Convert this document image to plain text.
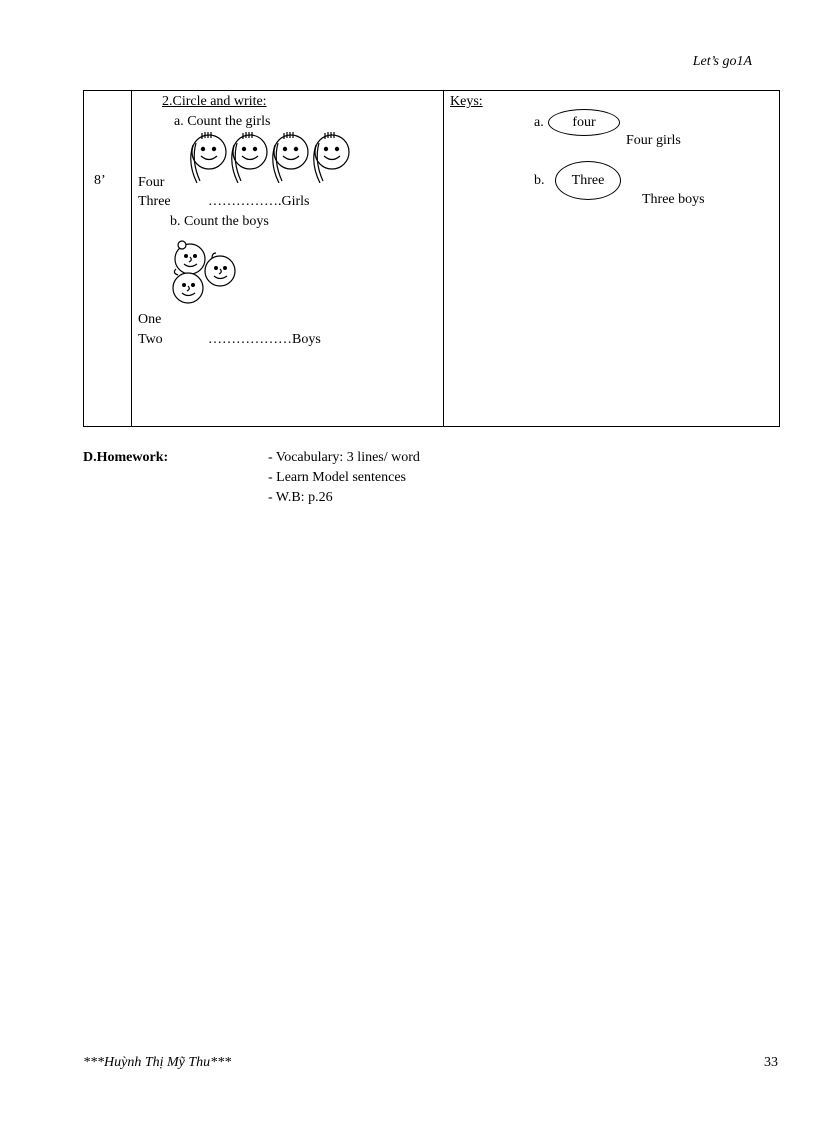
Let’s go1A
8’
2.Circle and write:
a. Count the girls
Four
Three	…………….Girls
b. Count the boys
One
Two	………………Boys
Keys:
a. four
Four girls
b. Three
Three boys
D.Homework:	- Vocabulary: 3 lines/ word
- Learn Model sentences
- W.B: p.26
***Huỳnh Thị Mỹ Thu***	33
